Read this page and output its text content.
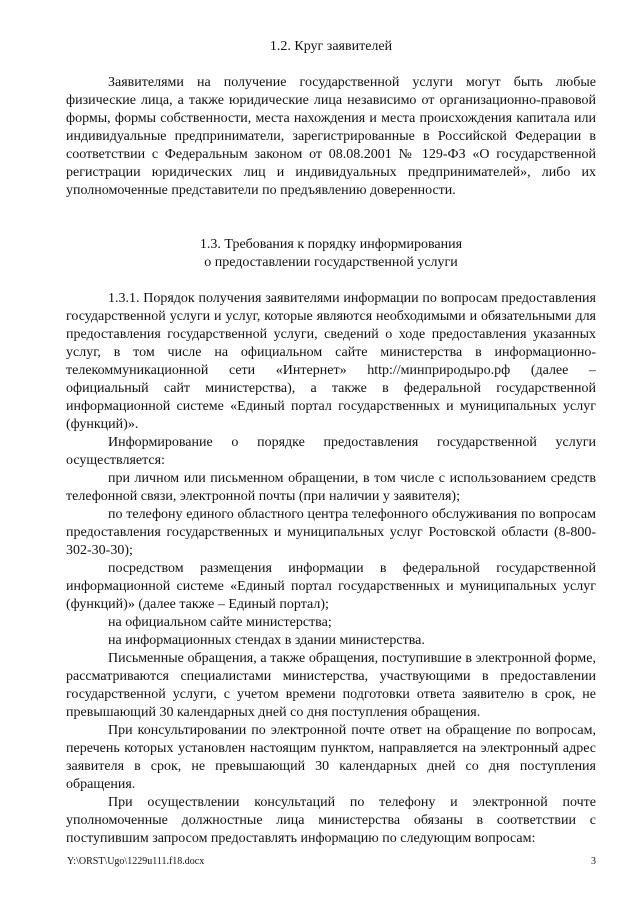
1.2. Круг заявителей

Заявителями на получение государственной услуги могут быть любые физические лица, а также юридические лица независимо от организационно-правовой формы, формы собственности, места нахождения и места происхождения капитала или индивидуальные предприниматели, зарегистрированные в Российской Федерации в соответствии с Федеральным законом от 08.08.2001 № 129-ФЗ «О государственной регистрации юридических лиц и индивидуальных предпринимателей», либо их уполномоченные представители по предъявлению доверенности.

1.3. Требования к порядку информирования
о предоставлении государственной услуги

1.3.1. Порядок получения заявителями информации по вопросам предоставления государственной услуги и услуг, которые являются необходимыми и обязательными для предоставления государственной услуги, сведений о ходе предоставления указанных услуг, в том числе на официальном сайте министерства в информационно-телекоммуникационной сети «Интернет» http://минприродыро.рф (далее – официальный сайт министерства), а также в федеральной государственной информационной системе «Единый портал государственных и муниципальных услуг (функций)».

Информирование о порядке предоставления государственной услуги осуществляется:

при личном или письменном обращении, в том числе с использованием средств телефонной связи, электронной почты (при наличии у заявителя);

по телефону единого областного центра телефонного обслуживания по вопросам предоставления государственных и муниципальных услуг Ростовской области (8-800-302-30-30);

посредством размещения информации в федеральной государственной информационной системе «Единый портал государственных и муниципальных услуг (функций)» (далее также – Единый портал);

на официальном сайте министерства;

на информационных стендах в здании министерства.

Письменные обращения, а также обращения, поступившие в электронной форме, рассматриваются специалистами министерства, участвующими в предоставлении государственной услуги, с учетом времени подготовки ответа заявителю в срок, не превышающий 30 календарных дней со дня поступления обращения.

При консультировании по электронной почте ответ на обращение по вопросам, перечень которых установлен настоящим пунктом, направляется на электронный адрес заявителя в срок, не превышающий 30 календарных дней со дня поступления обращения.

При осуществлении консультаций по телефону и электронной почте уполномоченные должностные лица министерства обязаны в соответствии с поступившим запросом предоставлять информацию по следующим вопросам:

Y:\ORST\Ugo\1229u111.f18.docx	3
